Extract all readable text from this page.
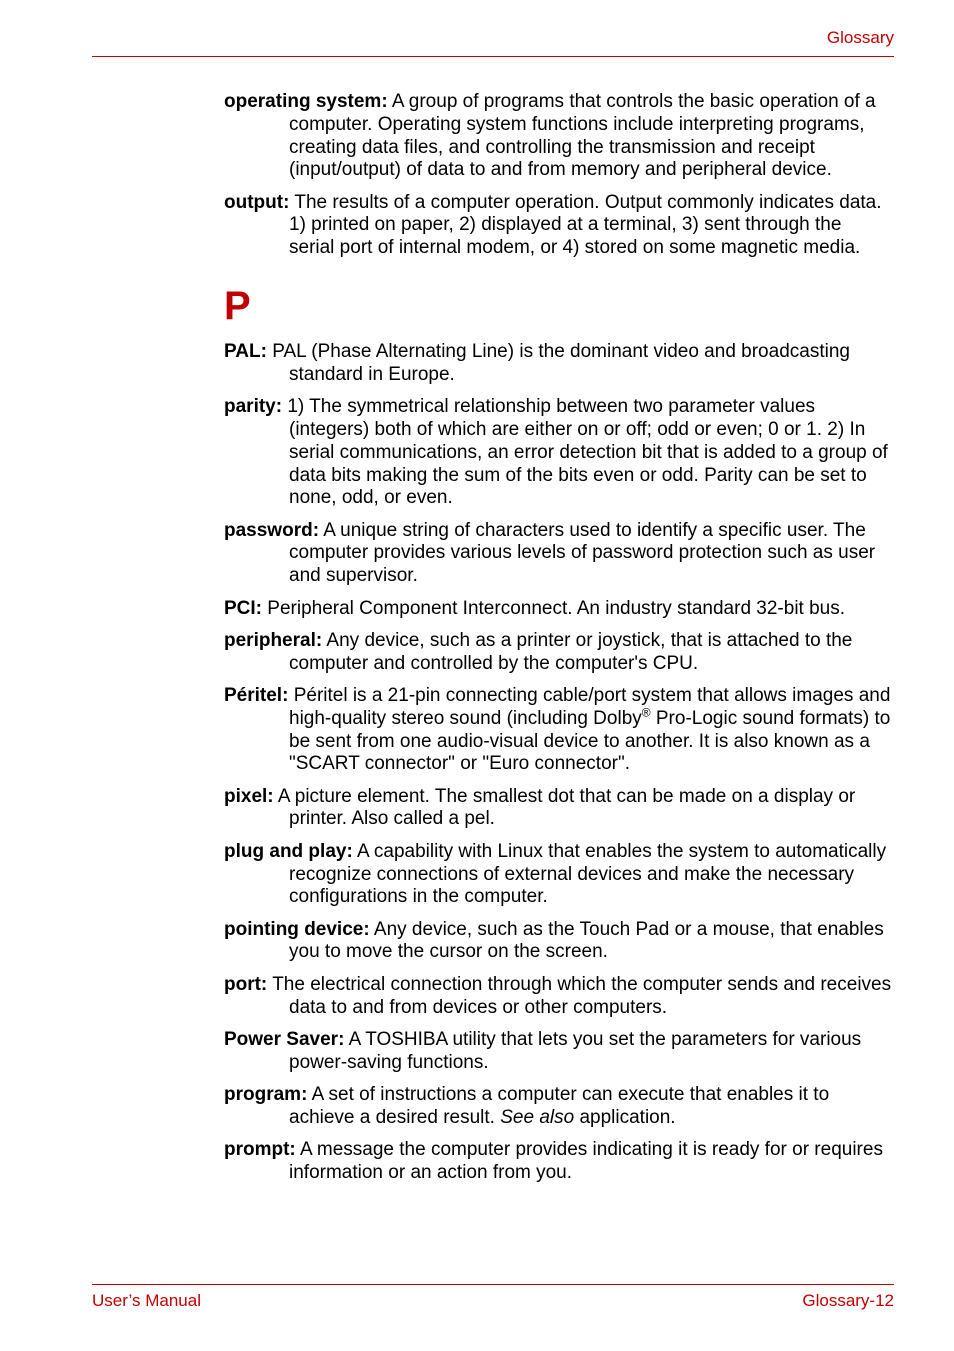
Glossary

operating system: A group of programs that controls the basic operation of a computer. Operating system functions include interpreting programs, creating data files, and controlling the transmission and receipt (input/output) of data to and from memory and peripheral device.

output: The results of a computer operation. Output commonly indicates data. 1) printed on paper, 2) displayed at a terminal, 3) sent through the serial port of internal modem, or 4) stored on some magnetic media.

P

PAL: PAL (Phase Alternating Line) is the dominant video and broadcasting standard in Europe.

parity: 1) The symmetrical relationship between two parameter values (integers) both of which are either on or off; odd or even; 0 or 1. 2) In serial communications, an error detection bit that is added to a group of data bits making the sum of the bits even or odd. Parity can be set to none, odd, or even.

password: A unique string of characters used to identify a specific user. The computer provides various levels of password protection such as user and supervisor.

PCI: Peripheral Component Interconnect. An industry standard 32-bit bus.

peripheral: Any device, such as a printer or joystick, that is attached to the computer and controlled by the computer's CPU.

Péritel: Péritel is a 21-pin connecting cable/port system that allows images and high-quality stereo sound (including Dolby® Pro-Logic sound formats) to be sent from one audio-visual device to another. It is also known as a "SCART connector" or "Euro connector".

pixel: A picture element. The smallest dot that can be made on a display or printer. Also called a pel.

plug and play: A capability with Linux that enables the system to automatically recognize connections of external devices and make the necessary configurations in the computer.

pointing device: Any device, such as the Touch Pad or a mouse, that enables you to move the cursor on the screen.

port: The electrical connection through which the computer sends and receives data to and from devices or other computers.

Power Saver: A TOSHIBA utility that lets you set the parameters for various power-saving functions.

program: A set of instructions a computer can execute that enables it to achieve a desired result. See also application.

prompt: A message the computer provides indicating it is ready for or requires information or an action from you.

User’s Manual	Glossary-12
